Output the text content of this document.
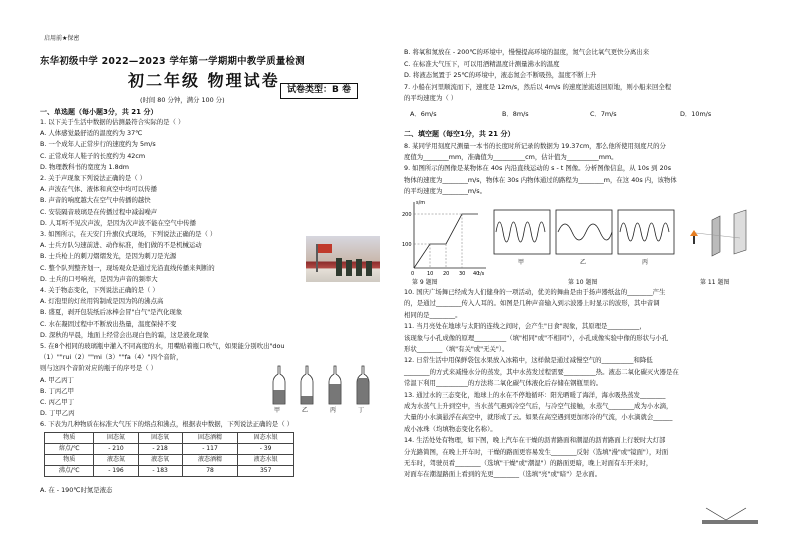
启用前★保密
东华初级中学 2022—2023 学年第一学期期中教学质量检测
初二年级 物理试卷
(时间 80 分钟，满分 100 分)
试卷类型：B 卷
一、单选题（每小题3分，共 21 分）
1. 以下关于生活中数据的估测最符合实际的是（ ）
A. 人体感觉最舒适的温度约为 37℃
B. 一个成年人正常步行的速度约为 5m/s
C. 正常成年人鞋子的长度约为 42cm
D. 物理教科书的宽度为 1.8dm
2. 关于声现象下列说法正确的是（ ）
A. 声波在气体、液体和真空中均可以传播
B. 声音的响度越大在空气中传播的越快
C. 安装隔音玻璃是在传播过程中减弱噪声
D. 人耳听不见次声波，是因为次声波不能在空气中传播
3. 如图所示，在天安门升旗仪式现场，下列说法正确的是（ ）
A. 士兵方队匀速前进、动作标准，他们做的不是机械运动
B. 士兵枪上的刺刀熠熠发光，是因为刺刀是光源
C. 整个队列整齐划一，现场观众是通过光沿直线传播来判断的
D. 士兵的口号响亮，是因为声音的频率大
4. 关于物态变化，下列说法正确的是（ ）
A. 灯泡里的灯丝用钨制成是因为钨的沸点高
B. 盛夏，剥开包装纸后冰棒会冒"白气"是汽化现象
C. 水在凝固过程中不断放出热量，温度保持不变
D. 深秋的早晨，地面上经常会出现白色的霜，这是液化现象
5. 在8个相同的玻璃瓶中灌入不同高度的水，用嘴贴着瓶口吹气，如果能分别吹出"dou
（1）""rui（2）""mi（3）""fa（4）"四个音阶，
则与这四个音阶对应的瓶子的序号是（ ）
A. 甲乙丙丁
B. 丁丙乙甲
C. 丙乙甲丁
D. 丁甲乙丙
6. 下表为几种物质在标准大气压下的熔点和沸点，根据表中数据，下列说法正确的是（ ）
甲	乙	丙	丁
物质	固态氮	固态氧	固态酒精	固态水银
熔点/℃	- 210	- 218	- 117	- 39
物质	液态氮	液态氧	液态酒精	液态水银
沸点/℃	- 196	- 183	78	357
A. 在 - 190℃时氮是液态
B. 将氧和氮放在 - 200℃的环境中，慢慢提高环境的温度，氮气会比氧气更快分离出来
C. 在标准大气压下，可以用酒精温度计测量沸水的温度
D. 将液态氮置于 25℃的环境中，液态氮会不断吸热，温度不断上升
7. 小船在河里顺流而下，速度是 12m/s，然后以 4m/s 的速度逆流返回原地，则小船来回全程
的平均速度为（ ）
A．6m/s	B．8m/s	C．7m/s	D．10m/s
二、填空题（每空1分，共 21 分）
8. 某同学用刻度尺测量一本书的长度时所记录的数据为 19.37cm，那么他所使用刻度尺的分
度值为________mm，准确值为__________cm，估计值为__________mm。
9. 如图所示的图像是某物体在 40s 内沿直线运动的 s - t 图像。分析图像信息，从 10s 到 20s
物体的速度为________m/s，物体在 30s 内物体通过的路程为________m，在这 40s 内，该物体
的平均速度为________m/s。
s/m
t/s
200
100
0	10 20 30 40
甲	乙	丙
第 9 题图	第 10 题图	第 11 题图
10. 国庆广场舞已经成为人们健身的一项活动，优美的舞曲是由于扬声器纸盆的________产生
的，是通过________传入人耳的。如图是几种声音输入到示波器上时显示的波形，其中音调
相同的是________。
11. 当月亮处在地球与太阳的连线之间时，会产生"日食"现象，其原理是__________，
该现象与小孔成像的原理__________（填"相同"或"不相同"），小孔成像实验中像的形状与小孔
形状________（填"有关"或"无关"）。
12. 日常生活中用保鲜袋包水果放入冰箱中，这样做是通过减慢空气的__________和降低
________的方式来减慢水分的蒸发，其中水蒸发过程需要__________热。液态二氧化碳灭火器是在
常温下利用__________的方法将二氧化碳气体液化后存储在钢瓶里的。
13. 通过水的三态变化，地球上的水在不停地循环：阳光晒暖了海洋，海水吸热蒸发________
成为水蒸气上升到空中，当水蒸气遇到冷空气后，与冷空气接触，水蒸气________成为小水滴，
大量的小水滴悬浮在高空中，就形成了云。如果在高空遇到更加寒冷的气流，小水滴就会______
成小冰珠（均填物态变化名称）。
14. 生活处处有物理，如下图，晚上汽车在干燥的沥青路面和潮湿的沥青路面上行驶时大灯部
分光路简图，在晚上开车时，干燥的路面更容易发生________反射（选填"漫"或"镜面"），对面
无车时，驾驶员看________（选填"干燥"或"潮湿"）的路面更暗，晚上对面有车开来时，
对面车在潮湿路面上看到的光更________（选填"亮"或"暗"）是水面。
